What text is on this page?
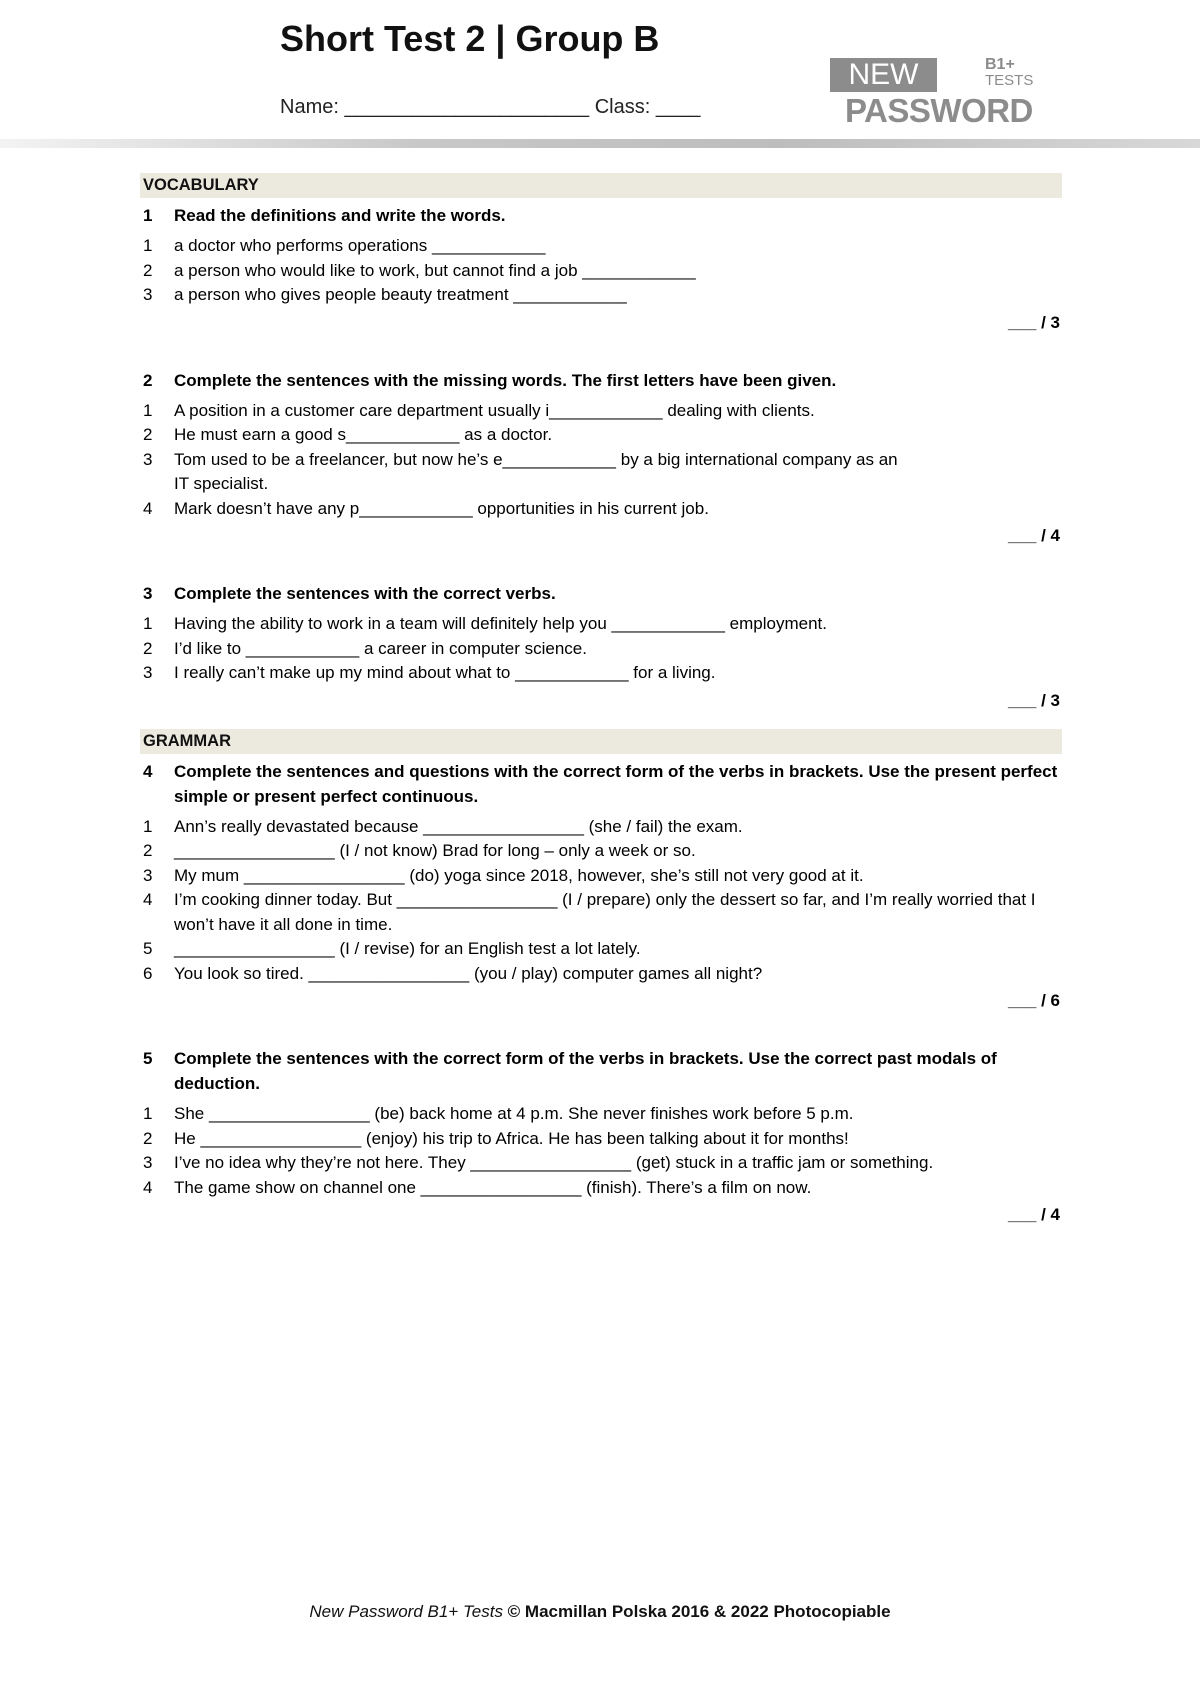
Short Test 2 | Group B
Name: ______________________ Class: ____
NEW	B1+
TESTS
PASSWORD
VOCABULARY
1	Read the definitions and write the words.
1	a doctor who performs operations ____________
2	a person who would like to work, but cannot find a job ____________
3	a person who gives people beauty treatment ____________
___ / 3
2	Complete the sentences with the missing words. The first letters have been given.
1	A position in a customer care department usually i____________ dealing with clients.
2	He must earn a good s____________ as a doctor.
3	Tom used to be a freelancer, but now he’s e____________ by a big international company as an IT specialist.
4	Mark doesn’t have any p____________ opportunities in his current job.
___ / 4
3	Complete the sentences with the correct verbs.
1	Having the ability to work in a team will definitely help you ____________ employment.
2	I’d like to ____________ a career in computer science.
3	I really can’t make up my mind about what to ____________ for a living.
___ / 3
GRAMMAR
4	Complete the sentences and questions with the correct form of the verbs in brackets. Use the present perfect simple or present perfect continuous.
1	Ann’s really devastated because _________________ (she / fail) the exam.
2	_________________ (I / not know) Brad for long – only a week or so.
3	My mum _________________ (do) yoga since 2018, however, she’s still not very good at it.
4	I’m cooking dinner today. But _________________ (I / prepare) only the dessert so far, and I’m really worried that I won’t have it all done in time.
5	_________________ (I / revise) for an English test a lot lately.
6	You look so tired. _________________ (you / play) computer games all night?
___ / 6
5	Complete the sentences with the correct form of the verbs in brackets. Use the correct past modals of deduction.
1	She _________________ (be) back home at 4 p.m. She never finishes work before 5 p.m.
2	He _________________ (enjoy) his trip to Africa. He has been talking about it for months!
3	I’ve no idea why they’re not here. They _________________ (get) stuck in a traffic jam or something.
4	The game show on channel one _________________ (finish). There’s a film on now.
___ / 4
New Password B1+ Tests © Macmillan Polska 2016 & 2022 Photocopiable
